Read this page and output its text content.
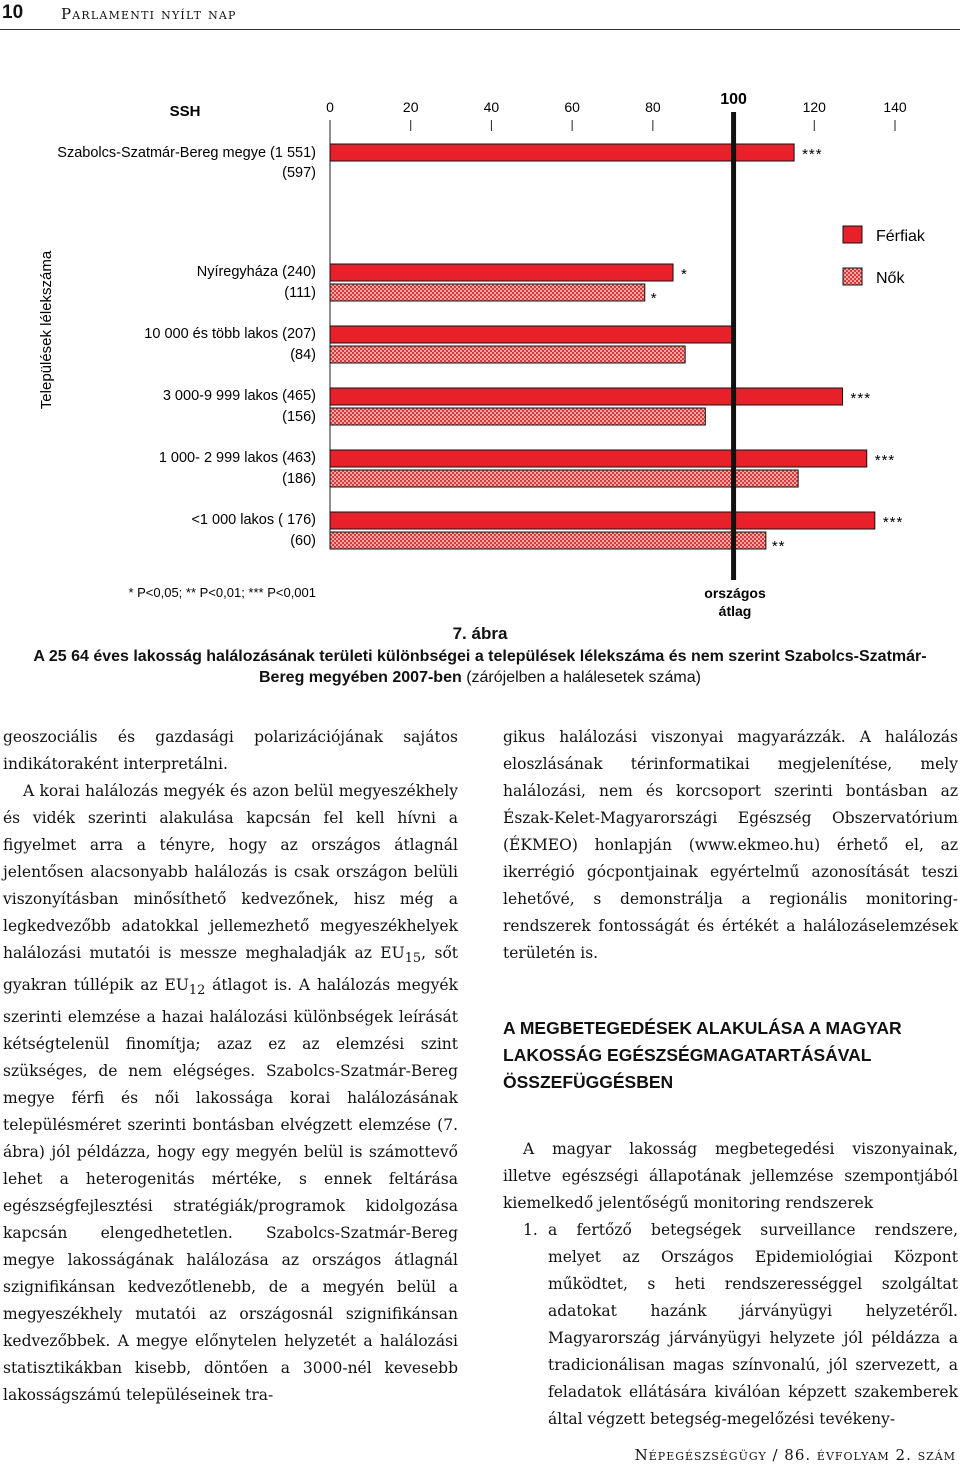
10	Parlamenti nyílt nap
SSH
Települések lélekszáma
0	20	40	60	80	100	120	140
Szabolcs-Szatmár-Bereg megye (1 551)
(597)
Nyíregyháza (240)
(111)
10 000 és több lakos (207)
(84)
3 000-9 999 lakos (465)
(156)
1 000- 2 999 lakos (463)
(186)
<1 000 lakos ( 176)
(60)
***
*
*
***
***
***
**
Férfiak
Nők
* P<0,05; ** P<0,01; *** P<0,001	országos
átlag
7. ábra
A 25 64 éves lakosság halálozásának területi különbségei a települések lélekszáma és nem szerint Szabolcs-Szatmár-Bereg megyében 2007-ben (zárójelben a halálesetek száma)

geoszociális és gazdasági polarizációjának sajátos indikátoraként interpretálni.

A korai halálozás megyék és azon belül megyeszékhely és vidék szerinti alakulása kapcsán fel kell hívni a figyelmet arra a tényre, hogy az országos átlagnál jelentősen alacsonyabb halálozás is csak országon belüli viszonyításban minősíthető kedvezőnek, hisz még a legkedvezőbb adatokkal jellemezhető megyeszékhelyek halálozási mutatói is messze meghaladják az $EU_{15}$, sőt gyakran túllépik az $EU_{12}$ átlagot is. A halálozás megyék szerinti elemzése a hazai halálozási különbségek leírását kétségtelenül finomítja; azaz ez az elemzési szint szükséges, de nem elégséges. Szabolcs-Szatmár-Bereg megye férfi és női lakossága korai halálozásának településméret szerinti bontásban elvégzett elemzése (7. ábra) jól példázza, hogy egy megyén belül is számottevő lehet a heterogenitás mértéke, s ennek feltárása egészségfejlesztési stratégiák/programok kidolgozása kapcsán elengedhetetlen. Szabolcs-Szatmár-Bereg megye lakosságának halálozása az országos átlagnál szignifikánsan kedvezőtlenebb, de a megyén belül a megyeszékhely mutatói az országosnál szignifikánsan kedvezőbbek. A megye előnytelen helyzetét a halálozási statisztikákban kisebb, döntően a 3000-nél kevesebb lakosságszámú településeinek tra-

gikus halálozási viszonyai magyarázzák. A halálozás eloszlásának térinformatikai megjelenítése, mely halálozási, nem és korcsoport szerinti bontásban az Észak-Kelet-Magyarországi Egészség Obszervatórium (ÉKMEO) honlapján (www.ekmeo.hu) érhető el, az ikerrégió gócpontjainak egyértelmű azonosítását teszi lehetővé, s demonstrálja a regionális monitoring-rendszerek fontosságát és értékét a halálozáselemzések területén is.

A MEGBETEGEDÉSEK ALAKULÁSA A MAGYAR LAKOSSÁG EGÉSZSÉGMAGATARTÁSÁVAL ÖSSZEFÜGGÉSBEN

A magyar lakosság megbetegedési viszonyainak, illetve egészségi állapotának jellemzése szempontjából kiemelkedő jelentőségű monitoring rendszerek

1. a fertőző betegségek surveillance rendszere, melyet az Országos Epidemiológiai Központ működtet, s heti rendszerességgel szolgáltat adatokat hazánk járványügyi helyzetéről. Magyarország járványügyi helyzete jól példázza a tradicionálisan magas színvonalú, jól szervezett, a feladatok ellátására kiválóan képzett szakemberek által végzett betegség-megelőzési tevékeny-
Népegészségügy / 86. évfolyam 2. szám
